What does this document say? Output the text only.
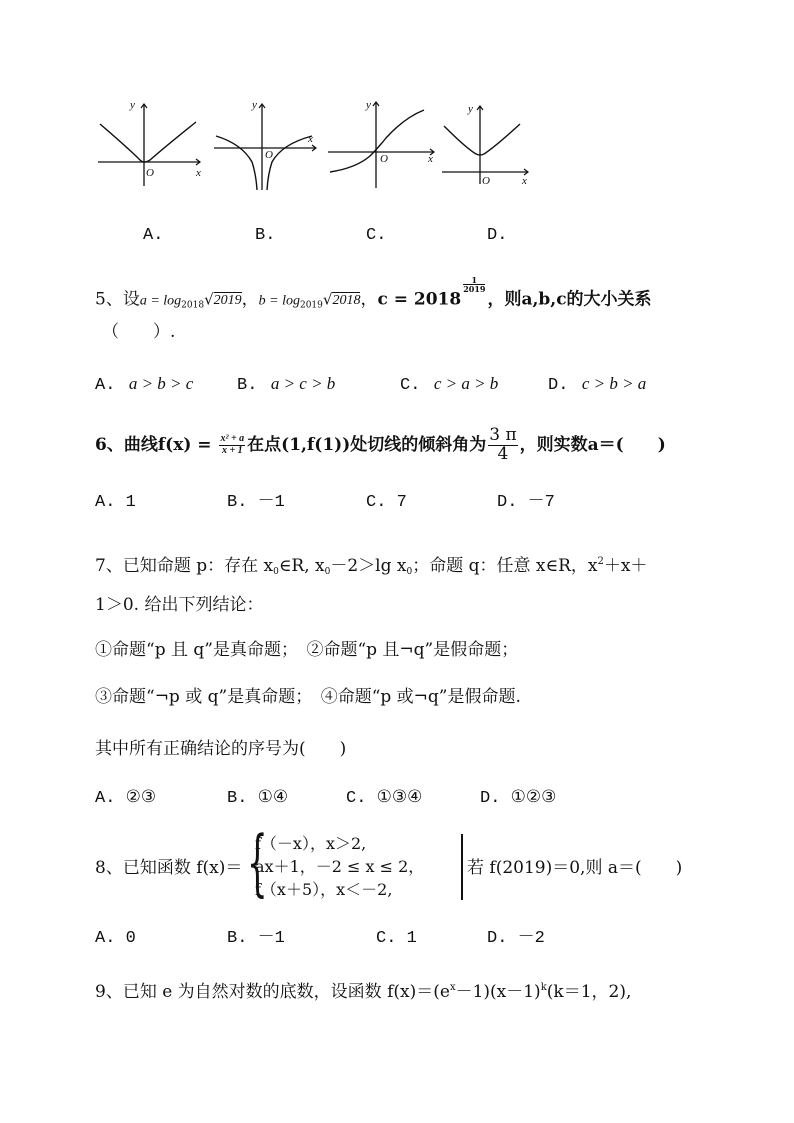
y
x
O
y
x
O
y
x
O
y
x
O
A.	B.	C.	D.
5、设$a = \log_{2018}√2019$，$b = \log_{2019}√2018$，c = 2018
$\frac{1}{2019}$
，则a,b,c的大小关系
（　　）.
A. a > b > c	B. a > c > b	C. c > a > b	D. c > b > a
6、曲线$f(x) = \frac{\text{x² + a}}{x + 1}$ 在点(1,f(1))处切线的倾斜角为 $\frac{3 \pi}{4}$ ，则实数a＝(　　)
A. 1	B. －1	C. 7	D. －7
7、已知命题 p：存在 $x_0\in R$, $x_0-2>\lg$ $x_0$；命题 q：任意 x∈R，$x^2+x+$
1＞0. 给出下列结论：
①命题“p 且 q”是真命题；　②命题“p 且¬q”是假命题；
③命题“¬p 或 q”是真命题；　④命题“p 或¬q”是假命题.
其中所有正确结论的序号为(　　)
A. ②③	B. ①④	C. ①③④	D. ①②③
8、已知函数 f(x)＝ {
f（－x），x＞2,
ax＋1，－2 ≤ x ≤ 2，
f（x＋5），x＜－2,
若 f(2019)＝0,则 a＝(　　)
A. 0	B. －1	C. 1	D. －2
9、已知 e 为自然对数的底数，设函数 $f(x)=(e^x-1)(x-1)^k(k=1$，2),
